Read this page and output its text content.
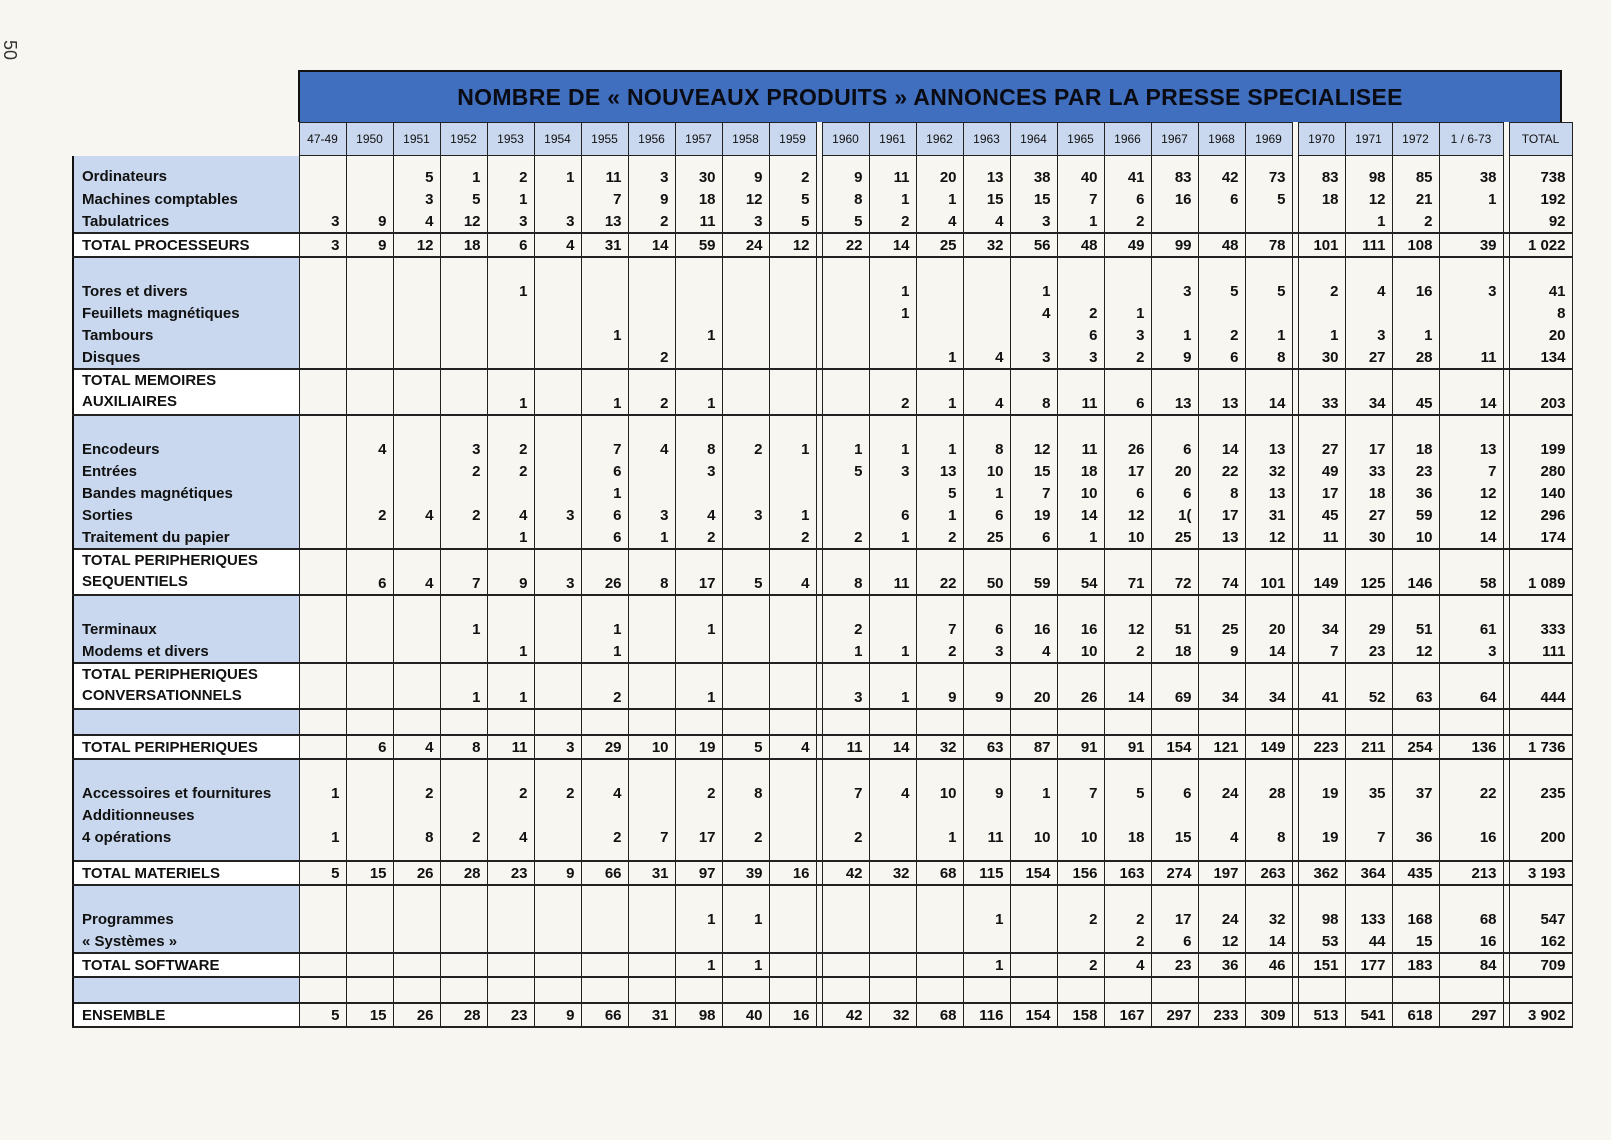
50
NOMBRE DE « NOUVEAUX PRODUITS » ANNONCES PAR LA PRESSE SPECIALISEE
	47-49	1950	1951	1952	1953	1954	1955	1956	1957	1958	1959		1960	1961	1962	1963	1964	1965	1966	1967	1968	1969		1970	1971	1972	1 / 6-73		TOTAL
Ordinateurs			5	1	2	1	11	3	30	9	2		9	11	20	13	38	40	41	83	42	73		83	98	85	38		738
Machines comptables			3	5	1		7	9	18	12	5		8	1	1	15	15	7	6	16	6	5		18	12	21	1		192
Tabulatrices	3	9	4	12	3	3	13	2	11	3	5		5	2	4	4	3	1	2						1	2			92
TOTAL PROCESSEURS	3	9	12	18	6	4	31	14	59	24	12		22	14	25	32	56	48	49	99	48	78		101	111	108	39		1 022

Tores et divers					1									1			1			3	5	5		2	4	16	3		41
Feuillets magnétiques														1			4	2	1										8
Tambours							1		1									6	3	1	2	1		1	3	1			20
Disques								2							1	4	3	3	2	9	6	8		30	27	28	11		134

TOTAL MEMOIRES
AUXILIAIRES					1		1	2	1					2	1	4	8	11	6	13	13	14		33	34	45	14		203

Encodeurs		4		3	2		7	4	8	2	1		1	1	1	8	12	11	26	6	14	13		27	17	18	13		199
Entrées				2	2		6		3				5	3	13	10	15	18	17	20	22	32		49	33	23	7		280
Bandes magnétiques							1								5	1	7	10	6	6	8	13		17	18	36	12		140
Sorties		2	4	2	4	3	6	3	4	3	1			6	1	6	19	14	12	1(	17	31		45	27	59	12		296
Traitement du papier					1		6	1	2		2		2	1	2	25	6	1	10	25	13	12		11	30	10	14		174

TOTAL PERIPHERIQUES
SEQUENTIELS		6	4	7	9	3	26	8	17	5	4		8	11	22	50	59	54	71	72	74	101		149	125	146	58		1 089

Terminaux				1			1		1				2		7	6	16	16	12	51	25	20		34	29	51	61		333
Modems et divers					1		1						1	1	2	3	4	10	2	18	9	14		7	23	12	3		111

TOTAL PERIPHERIQUES
CONVERSATIONNELS				1	1		2		1				3	1	9	9	20	26	14	69	34	34		41	52	63	64		444

TOTAL PERIPHERIQUES		6	4	8	11	3	29	10	19	5	4		11	14	32	63	87	91	91	154	121	149		223	211	254	136		1 736

Accessoires et fournitures	1		2		2	2	4		2	8			7	4	10	9	1	7	5	6	24	28		19	35	37	22		235
Additionneuses																													
4 opérations	1		8	2	4		2	7	17	2			2		1	11	10	10	18	15	4	8		19	7	36	16		200

TOTAL MATERIELS	5	15	26	28	23	9	66	31	97	39	16		42	32	68	115	154	156	163	274	197	263		362	364	435	213		3 193

Programmes									1	1						1		2	2	17	24	32		98	133	168	68		547
« Systèmes »																			2	6	12	14		53	44	15	16		162
TOTAL SOFTWARE									1	1						1		2	4	23	36	46		151	177	183	84		709

ENSEMBLE	5	15	26	28	23	9	66	31	98	40	16		42	32	68	116	154	158	167	297	233	309		513	541	618	297		3 902
